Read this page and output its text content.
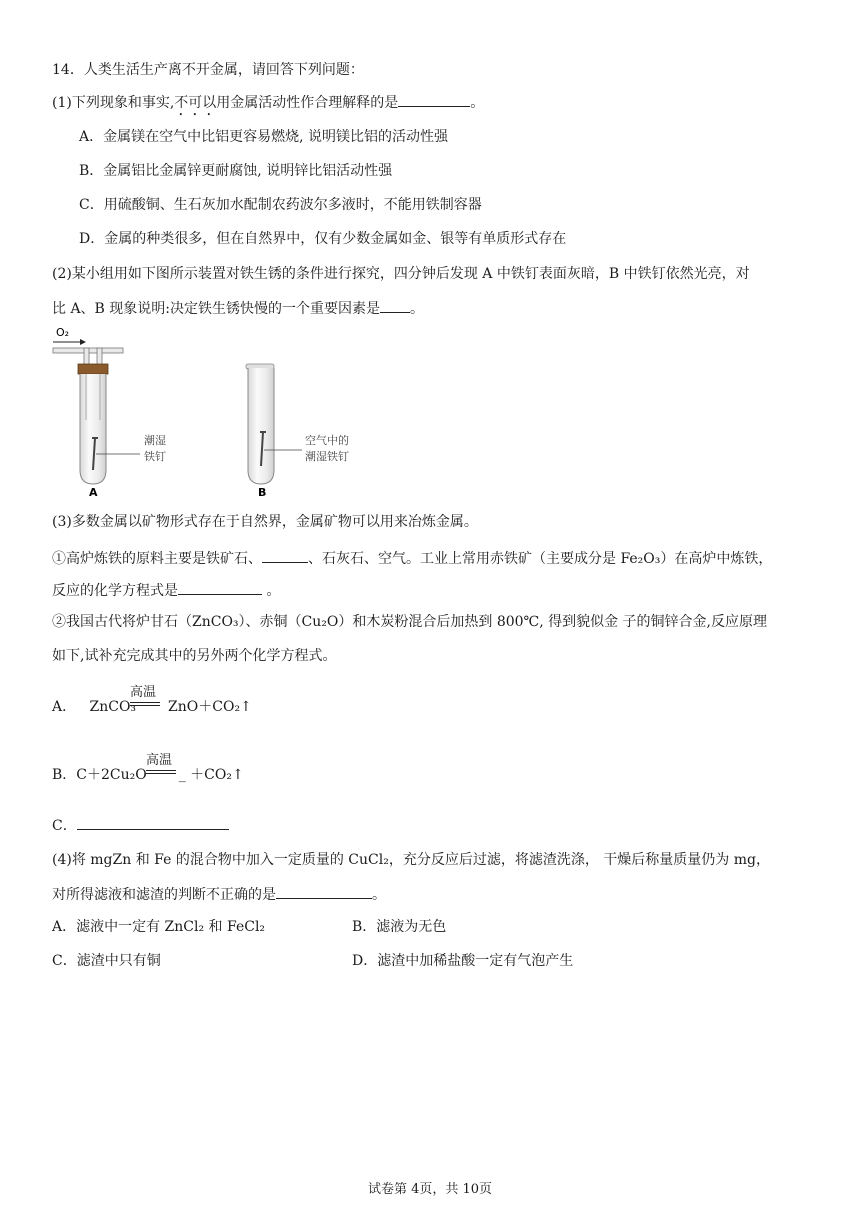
14．人类生活生产离不开金属，请回答下列问题：
(1)下列现象和事实,不可以用金属活动性作合理解释的是	。
A．金属镁在空气中比铝更容易燃烧, 说明镁比铝的活动性强
B．金属铝比金属锌更耐腐蚀, 说明锌比铝活动性强
C．用硫酸铜、生石灰加水配制农药波尔多液时，不能用铁制容器
D．金属的种类很多，但在自然界中，仅有少数金属如金、银等有单质形式存在
(2)某小组用如下图所示装置对铁生锈的条件进行探究，四分钟后发现 A 中铁钉表面灰暗，B 中铁钉依然光亮，对
比 A、B 现象说明:决定铁生锈快慢的一个重要因素是 。
O₂
潮湿
铁钉
A
空气中的
潮湿铁钉
B
(3)多数金属以矿物形式存在于自然界，金属矿物可以用来冶炼金属。
①高炉炼铁的原料主要是铁矿石、	、石灰石、空气。工业上常用赤铁矿（主要成分是 Fe₂O₃）在高炉中炼铁，
反应的化学方程式是	。
②我国古代将炉甘石（ZnCO₃）、赤铜（Cu₂O）和木炭粉混合后加热到 800℃, 得到貌似金 子的铜锌合金,反应原理
如下,试补充完成其中的另外两个化学方程式。
A． ZnCO₃ ZnO＋CO₂↑
高温
B．C＋2Cu₂O _ ＋CO₂↑
高温
C．
(4)将 mgZn 和 Fe 的混合物中加入一定质量的 CuCl₂，充分反应后过滤，将滤渣洗涤， 干燥后称量质量仍为 mg，
对所得滤液和滤渣的判断不正确的是	。
A．滤液中一定有 ZnCl₂ 和 FeCl₂	B．滤液为无色
C．滤渣中只有铜	D．滤渣中加稀盐酸一定有气泡产生
试卷第 4页，共 10页
